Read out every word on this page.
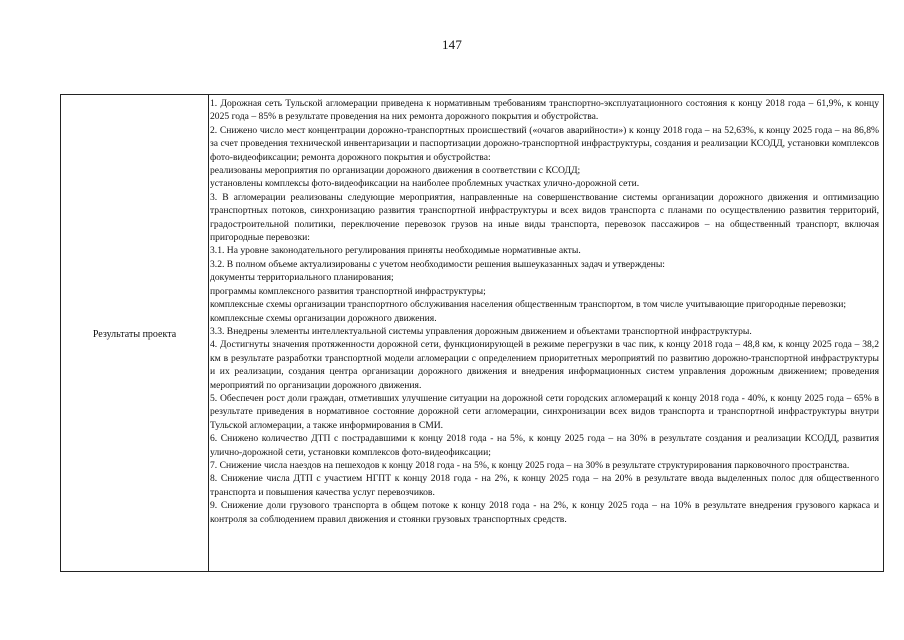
147
Результаты проекта

1. Дорожная сеть Тульской агломерации приведена к нормативным требованиям транспортно-эксплуатационного состояния к концу 2018 года – 61,9%, к концу 2025 года – 85% в результате проведения на них ремонта дорожного покрытия и обустройства.

2. Снижено число мест концентрации дорожно-транспортных происшествий («очагов аварийности») к концу 2018 года – на 52,63%, к концу 2025 года – на 86,8% за счет проведения технической инвентаризации и паспортизации дорожно-транспортной инфраструктуры, создания и реализации КСОДД, установки комплексов фото-видеофиксации; ремонта дорожного покрытия и обустройства:

реализованы мероприятия по организации дорожного движения в соответствии с КСОДД;

установлены комплексы фото-видеофиксации на наиболее проблемных участках улично-дорожной сети.

3. В агломерации реализованы следующие мероприятия, направленные на совершенствование системы организации дорожного движения и оптимизацию транспортных потоков, синхронизацию развития транспортной инфраструктуры и всех видов транспорта с планами по осуществлению развития территорий, градостроительной политики, переключение перевозок грузов на иные виды транспорта, перевозок пассажиров – на общественный транспорт, включая пригородные перевозки:

3.1. На уровне законодательного регулирования приняты необходимые нормативные акты.

3.2. В полном объеме актуализированы с учетом необходимости решения вышеуказанных задач и утверждены:

документы территориального планирования;

программы комплексного развития транспортной инфраструктуры;

комплексные схемы организации транспортного обслуживания населения общественным транспортом, в том числе учитывающие пригородные перевозки;

комплексные схемы организации дорожного движения.

3.3. Внедрены элементы интеллектуальной системы управления дорожным движением и объектами транспортной инфраструктуры.

4. Достигнуты значения протяженности дорожной сети, функционирующей в режиме перегрузки в час пик, к концу 2018 года – 48,8 км, к концу 2025 года – 38,2 км в результате разработки транспортной модели агломерации с определением приоритетных мероприятий по развитию дорожно-транспортной инфраструктуры и их реализации, создания центра организации дорожного движения и внедрения информационных систем управления дорожным движением; проведения мероприятий по организации дорожного движения.

5. Обеспечен рост доли граждан, отметивших улучшение ситуации на дорожной сети городских агломераций к концу 2018 года - 40%, к концу 2025 года – 65% в результате приведения в нормативное состояние дорожной сети агломерации, синхронизации всех видов транспорта и транспортной инфраструктуры внутри Тульской агломерации, а также информирования в СМИ.

6. Снижено количество ДТП с пострадавшими к концу 2018 года - на 5%, к концу 2025 года – на 30% в результате создания и реализации КСОДД, развития улично-дорожной сети, установки комплексов фото-видеофиксации;

7. Снижение числа наездов на пешеходов к концу 2018 года - на 5%, к концу 2025 года – на 30% в результате структурирования парковочного пространства.

8. Снижение числа ДТП с участием НГПТ к концу 2018 года - на 2%, к концу 2025 года – на 20% в результате ввода выделенных полос для общественного транспорта и повышения качества услуг перевозчиков.

9. Снижение доли грузового транспорта в общем потоке к концу 2018 года - на 2%, к концу 2025 года – на 10% в результате внедрения грузового каркаса и контроля за соблюдением правил движения и стоянки грузовых транспортных средств.
